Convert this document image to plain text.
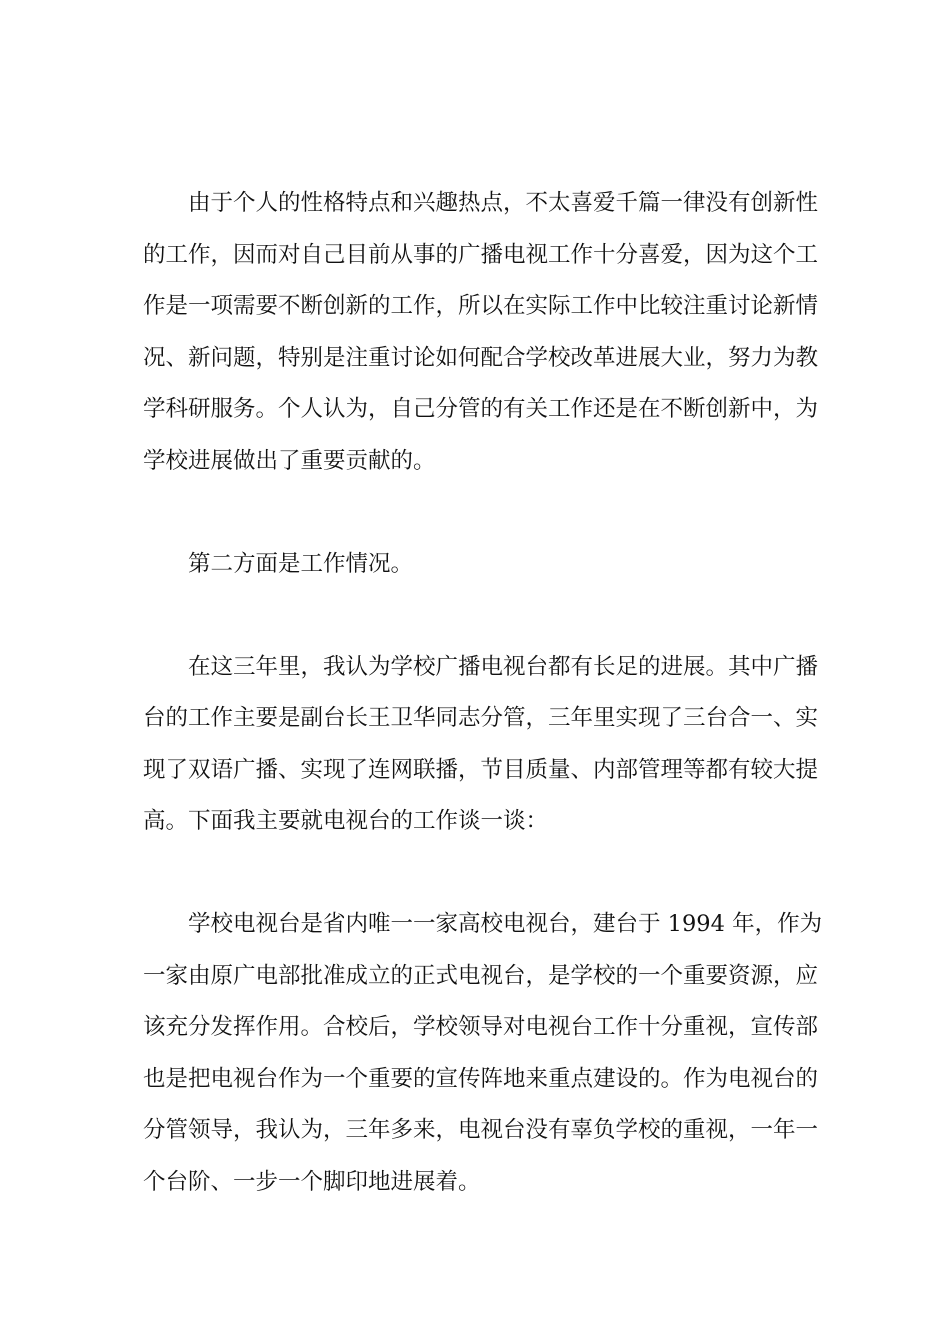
由于个人的性格特点和兴趣热点，不太喜爱千篇一律没有创新性的工作，因而对自己目前从事的广播电视工作十分喜爱，因为这个工作是一项需要不断创新的工作，所以在实际工作中比较注重讨论新情况、新问题，特别是注重讨论如何配合学校改革进展大业，努力为教学科研服务。个人认为，自己分管的有关工作还是在不断创新中，为学校进展做出了重要贡献的。

第二方面是工作情况。

在这三年里，我认为学校广播电视台都有长足的进展。其中广播台的工作主要是副台长王卫华同志分管，三年里实现了三台合一、实现了双语广播、实现了连网联播，节目质量、内部管理等都有较大提高。下面我主要就电视台的工作谈一谈：

学校电视台是省内唯一一家高校电视台，建台于 1994 年，作为一家由原广电部批准成立的正式电视台，是学校的一个重要资源，应该充分发挥作用。合校后，学校领导对电视台工作十分重视，宣传部也是把电视台作为一个重要的宣传阵地来重点建设的。作为电视台的分管领导，我认为，三年多来，电视台没有辜负学校的重视，一年一个台阶、一步一个脚印地进展着。
